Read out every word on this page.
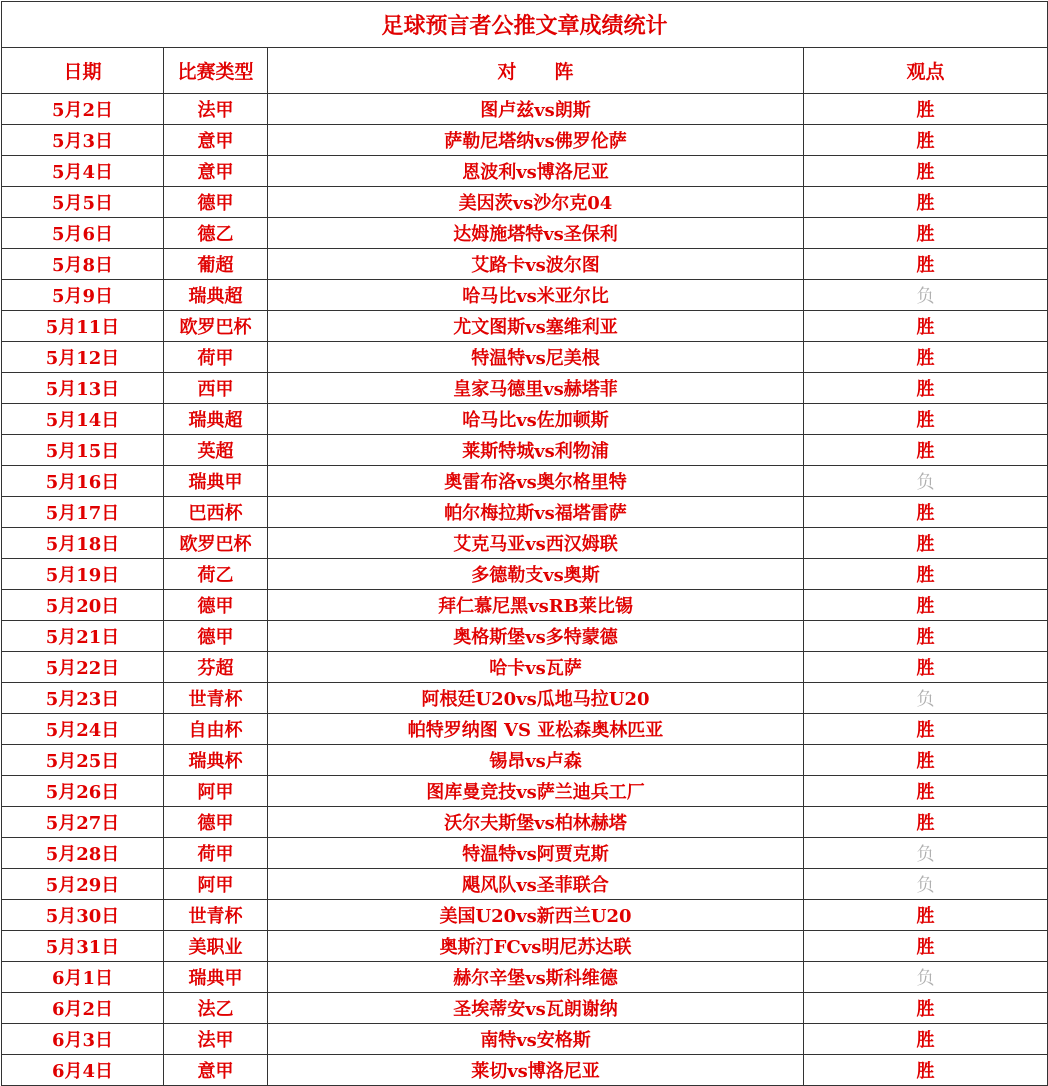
足球预言者公推文章成绩统计			
日期	比赛类型	对　　阵	观点
5月2日	法甲	图卢兹vs朗斯	胜
5月3日	意甲	萨勒尼塔纳vs佛罗伦萨	胜
5月4日	意甲	恩波利vs博洛尼亚	胜
5月5日	德甲	美因茨vs沙尔克04	胜
5月6日	德乙	达姆施塔特vs圣保利	胜
5月8日	葡超	艾路卡vs波尔图	胜
5月9日	瑞典超	哈马比vs米亚尔比	负
5月11日	欧罗巴杯	尤文图斯vs塞维利亚	胜
5月12日	荷甲	特温特vs尼美根	胜
5月13日	西甲	皇家马德里vs赫塔菲	胜
5月14日	瑞典超	哈马比vs佐加顿斯	胜
5月15日	英超	莱斯特城vs利物浦	胜
5月16日	瑞典甲	奥雷布洛vs奥尔格里特	负
5月17日	巴西杯	帕尔梅拉斯vs福塔雷萨	胜
5月18日	欧罗巴杯	艾克马亚vs西汉姆联	胜
5月19日	荷乙	多德勒支vs奥斯	胜
5月20日	德甲	拜仁慕尼黑vsRB莱比锡	胜
5月21日	德甲	奥格斯堡vs多特蒙德	胜
5月22日	芬超	哈卡vs瓦萨	胜
5月23日	世青杯	阿根廷U20vs瓜地马拉U20	负
5月24日	自由杯	帕特罗纳图 VS 亚松森奥林匹亚	胜
5月25日	瑞典杯	锡昂vs卢森	胜
5月26日	阿甲	图库曼竞技vs萨兰迪兵工厂	胜
5月27日	德甲	沃尔夫斯堡vs柏林赫塔	胜
5月28日	荷甲	特温特vs阿贾克斯	负
5月29日	阿甲	飓风队vs圣菲联合	负
5月30日	世青杯	美国U20vs新西兰U20	胜
5月31日	美职业	奥斯汀FCvs明尼苏达联	胜
6月1日	瑞典甲	赫尔辛堡vs斯科维德	负
6月2日	法乙	圣埃蒂安vs瓦朗谢纳	胜
6月3日	法甲	南特vs安格斯	胜
6月4日	意甲	莱切vs博洛尼亚	胜
